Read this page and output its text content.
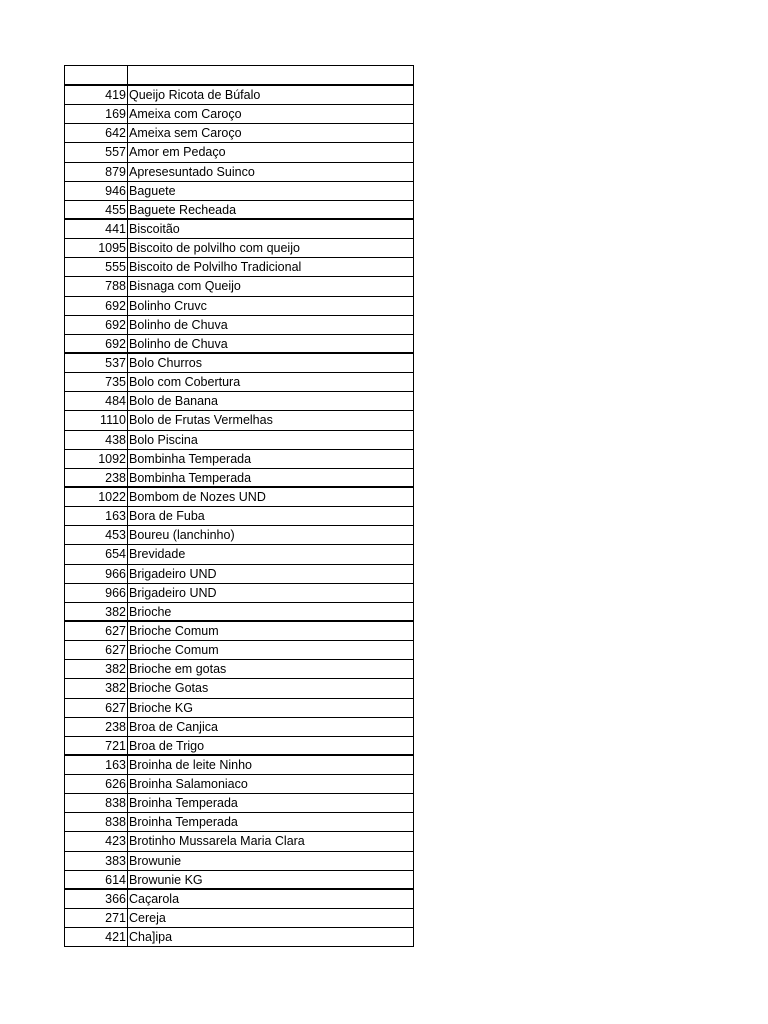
419 Queijo Ricota de Búfalo
169 Ameixa com Caroço
642 Ameixa sem Caroço
557 Amor em Pedaço
879 Apresesuntado Suinco
946 Baguete
455 Baguete Recheada
441 Biscoitão
1095 Biscoito de polvilho com queijo
555 Biscoito de Polvilho Tradicional
788 Bisnaga com Queijo
692 Bolinho Cruvc
692 Bolinho de Chuva
692 Bolinho de Chuva
537 Bolo Churros
735 Bolo com Cobertura
484 Bolo de Banana
1110 Bolo de Frutas Vermelhas
438 Bolo Piscina
1092 Bombinha Temperada
238 Bombinha Temperada
1022 Bombom de Nozes UND
163 Bora de Fuba
453 Boureu (lanchinho)
654 Brevidade
966 Brigadeiro UND
966 Brigadeiro UND
382 Brioche
627 Brioche Comum
627 Brioche Comum
382 Brioche em gotas
382 Brioche Gotas
627 Brioche KG
238 Broa de Canjica
721 Broa de Trigo
163 Broinha de leite Ninho
626 Broinha Salamoniaco
838 Broinha Temperada
838 Broinha Temperada
423 Brotinho Mussarela Maria Clara
383 Browunie
614 Browunie KG
366 Caçarola
271 Cereja
421 Cha]ipa
